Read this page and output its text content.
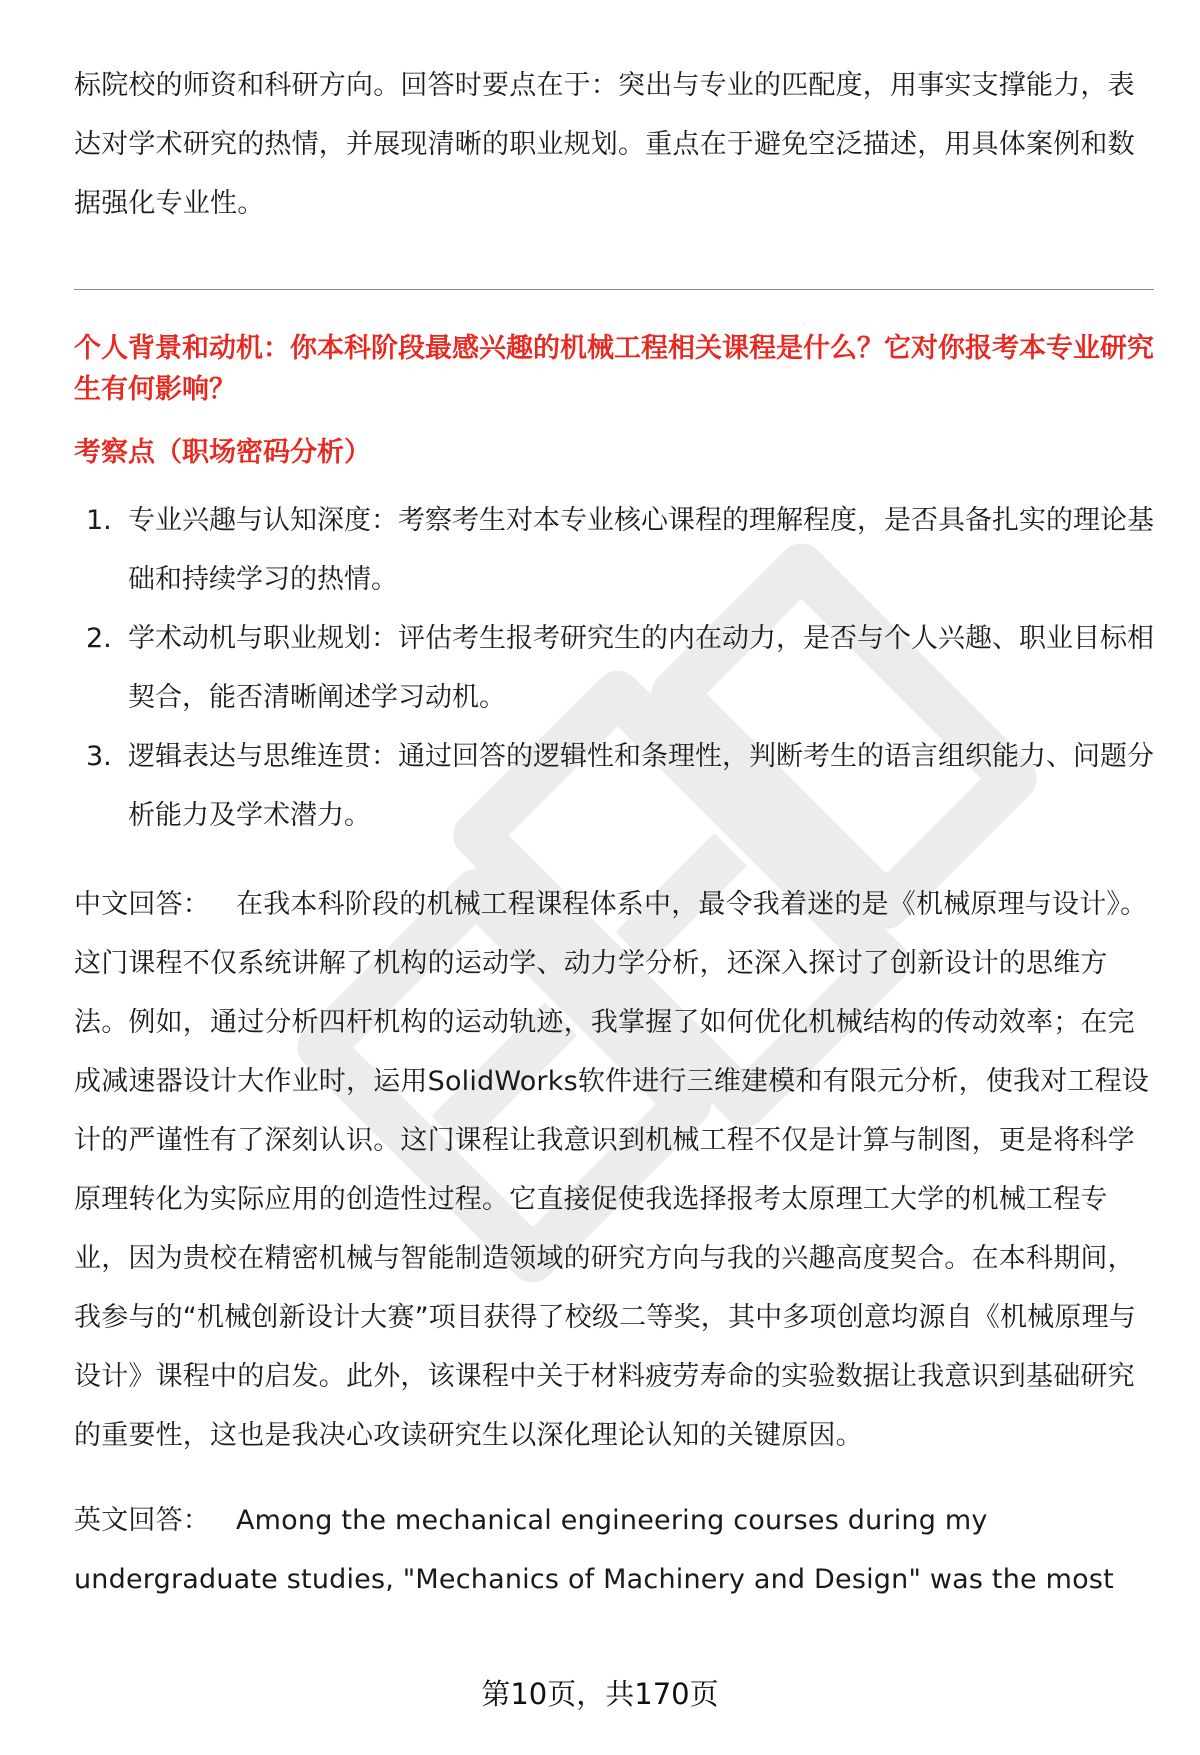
标院校的师资和科研方向。回答时要点在于：突出与专业的匹配度，用事实支撑能力，表达对学术研究的热情，并展现清晰的职业规划。重点在于避免空泛描述，用具体案例和数据强化专业性。

个人背景和动机：你本科阶段最感兴趣的机械工程相关课程是什么？它对你报考本专业研究生有何影响？

考察点（职场密码分析）

1. 专业兴趣与认知深度：考察考生对本专业核心课程的理解程度，是否具备扎实的理论基础和持续学习的热情。
2. 学术动机与职业规划：评估考生报考研究生的内在动力，是否与个人兴趣、职业目标相契合，能否清晰阐述学习动机。
3. 逻辑表达与思维连贯：通过回答的逻辑性和条理性，判断考生的语言组织能力、问题分析能力及学术潜力。

中文回答： 在我本科阶段的机械工程课程体系中，最令我着迷的是《机械原理与设计》。这门课程不仅系统讲解了机构的运动学、动力学分析，还深入探讨了创新设计的思维方法。例如，通过分析四杆机构的运动轨迹，我掌握了如何优化机械结构的传动效率；在完成减速器设计大作业时，运用SolidWorks软件进行三维建模和有限元分析，使我对工程设计的严谨性有了深刻认识。这门课程让我意识到机械工程不仅是计算与制图，更是将科学原理转化为实际应用的创造性过程。它直接促使我选择报考太原理工大学的机械工程专业，因为贵校在精密机械与智能制造领域的研究方向与我的兴趣高度契合。在本科期间，我参与的“机械创新设计大赛”项目获得了校级二等奖，其中多项创意均源自《机械原理与设计》课程中的启发。此外，该课程中关于材料疲劳寿命的实验数据让我意识到基础研究的重要性，这也是我决心攻读研究生以深化理论认知的关键原因。

英文回答： Among the mechanical engineering courses during my undergraduate studies, "Mechanics of Machinery and Design" was the most

第10页，共170页
